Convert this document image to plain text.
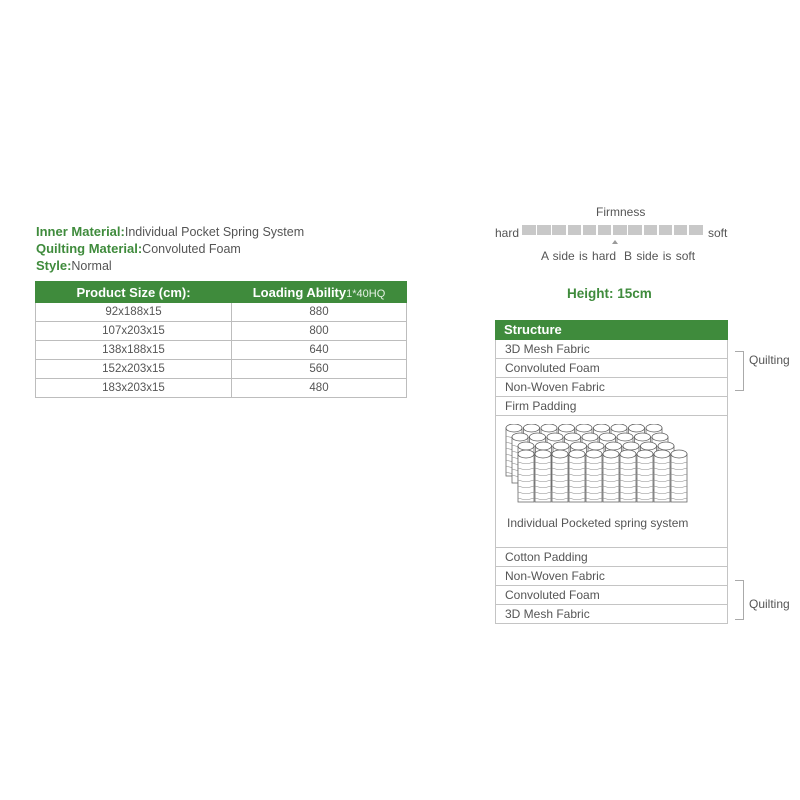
Inner Material:Individual Pocket Spring System
Quilting Material:Convoluted Foam
Style:Normal
Product Size (cm):	Loading Ability1*40HQ
92x188x15	880
107x203x15	800
138x188x15	640
152x203x15	560
183x203x15	480
Firmness
hard	soft
A side is hard B side is soft
Height: 15cm
Structure
3D Mesh Fabric
Convoluted Foam
Non-Woven Fabric
Firm Padding
Individual Pocketed spring system
Cotton Padding
Non-Woven Fabric
Convoluted Foam
3D Mesh Fabric
Quilting
Quilting
